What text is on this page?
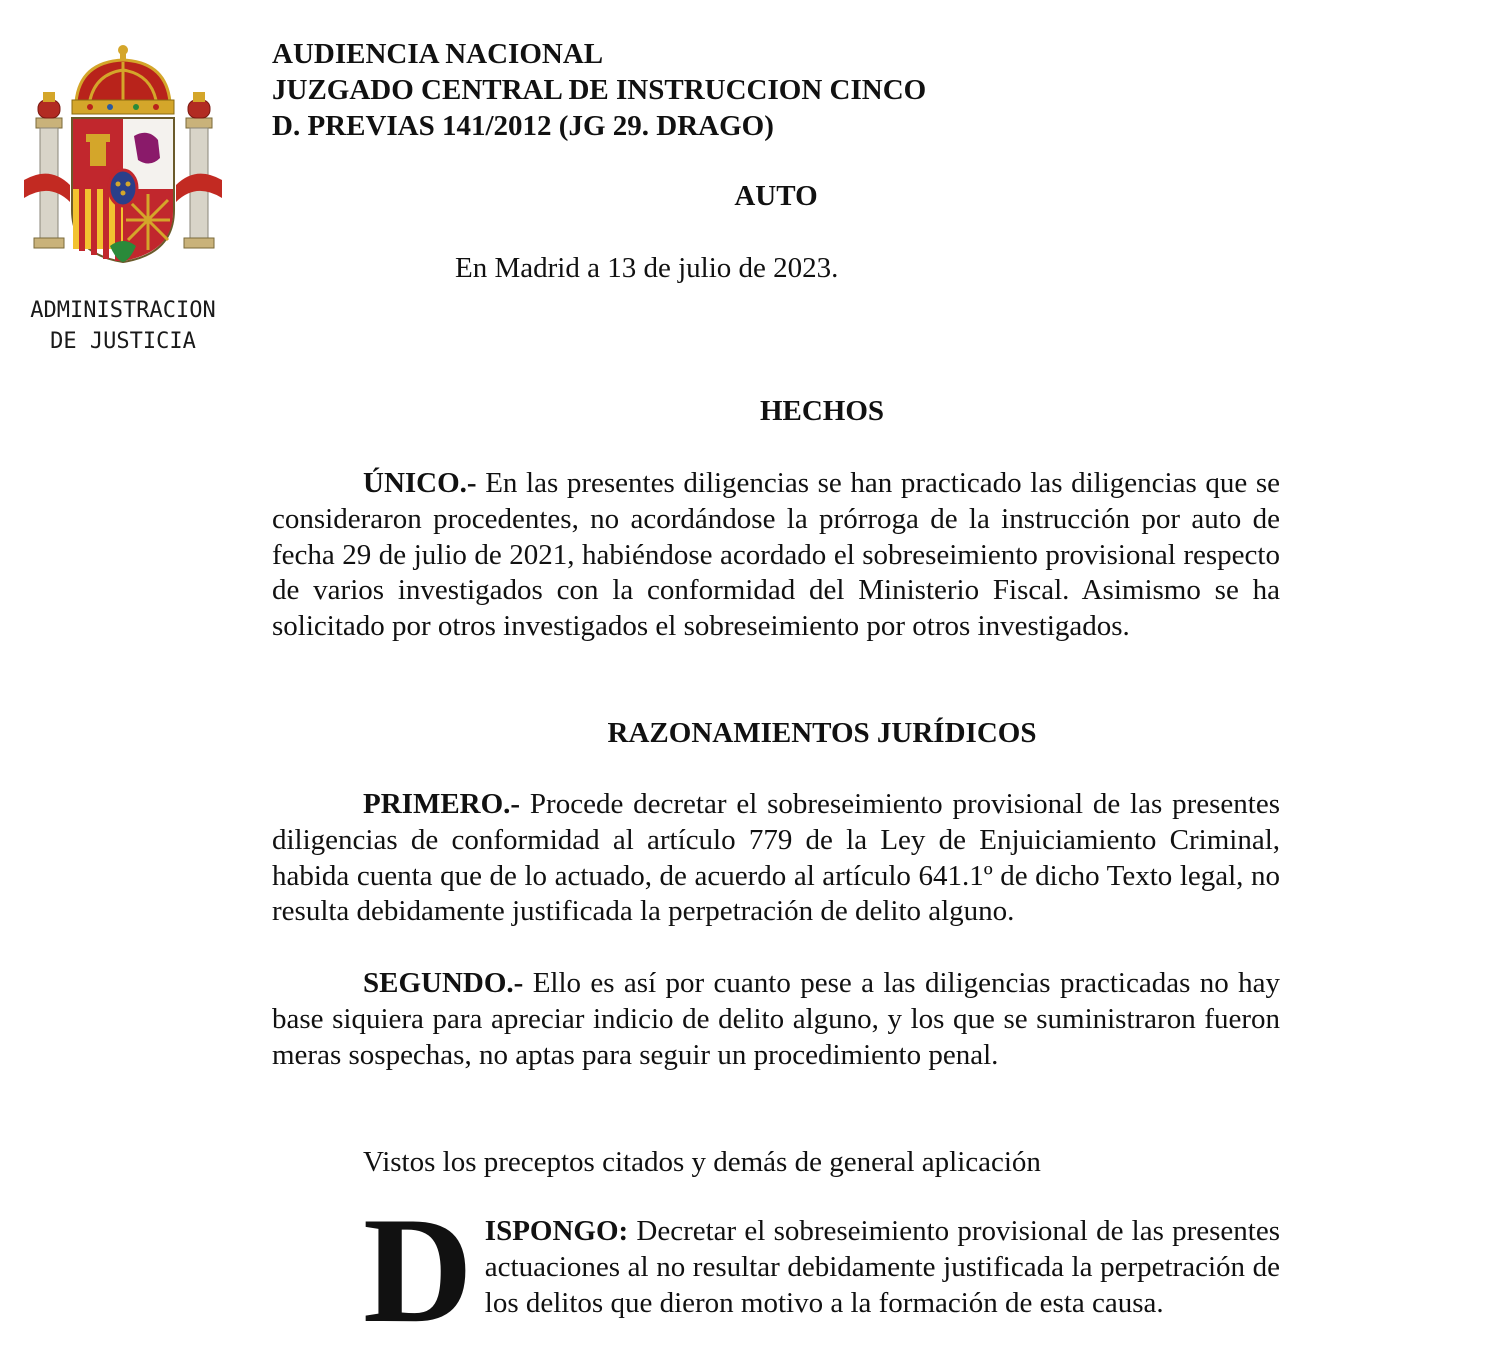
ADMINISTRACION
DE JUSTICIA
AUDIENCIA NACIONAL
JUZGADO CENTRAL DE INSTRUCCION CINCO
D. PREVIAS 141/2012 (JG 29. DRAGO)
AUTO
En Madrid a 13 de julio de 2023.
HECHOS

ÚNICO.- En las presentes diligencias se han practicado las diligencias que se consideraron procedentes, no acordándose la prórroga de la instrucción por auto de fecha 29 de julio de 2021, habiéndose acordado el sobreseimiento provisional respecto de varios investigados con la conformidad del Ministerio Fiscal. Asimismo se ha solicitado por otros investigados el sobreseimiento por otros investigados.

RAZONAMIENTOS JURÍDICOS

PRIMERO.- Procede decretar el sobreseimiento provisional de las presentes diligencias de conformidad al artículo 779 de la Ley de Enjuiciamiento Criminal, habida cuenta que de lo actuado, de acuerdo al artículo 641.1º de dicho Texto legal, no resulta debidamente justificada la perpetración de delito alguno.

SEGUNDO.- Ello es así por cuanto pese a las diligencias practicadas no hay base siquiera para apreciar indicio de delito alguno, y los que se suministraron fueron meras sospechas, no aptas para seguir un procedimiento penal.

Vistos los preceptos citados y demás de general aplicación

DISPONGO: Decretar el sobreseimiento provisional de las presentes actuaciones al no resultar debidamente justificada la perpetración de los delitos que dieron motivo a la formación de esta causa.
